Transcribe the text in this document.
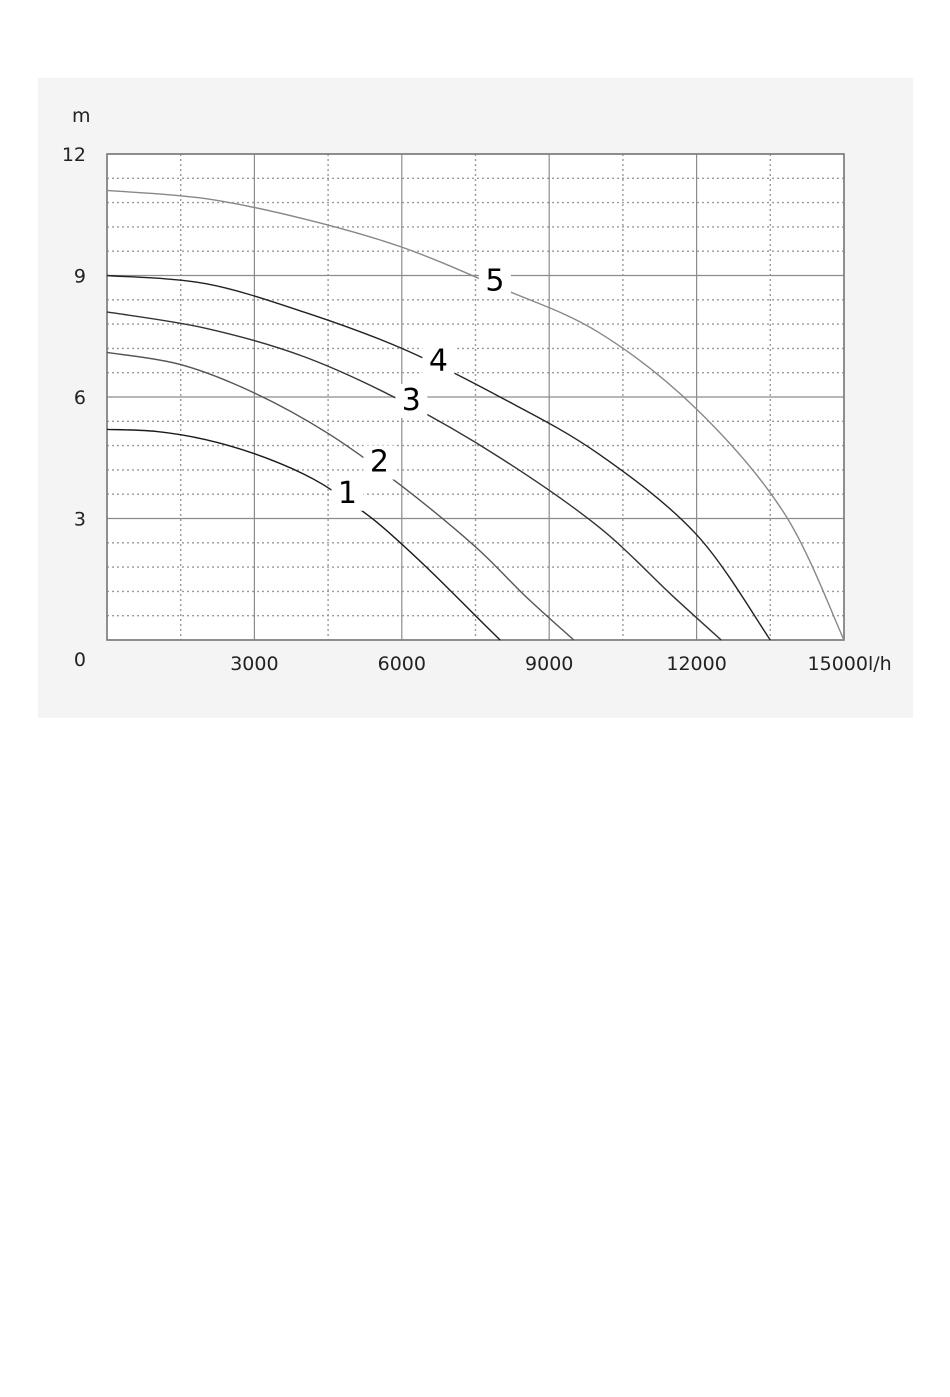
1
2
3
4
5
m
l/h
0
3
6
9
12
3000	6000	9000	12000	15000
